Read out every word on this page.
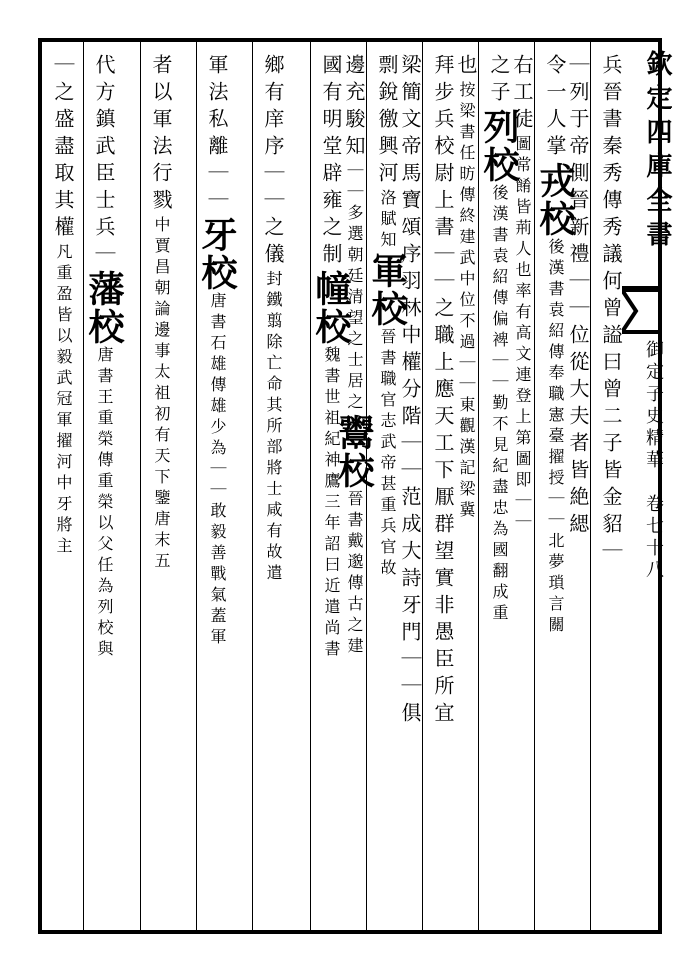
欽定四庫全書
御定子史精華　卷七十八
兵晉書秦秀傳秀議何曾謚曰曾二子皆金貂｜
｜列于帝側晉新禮｜｜位從大夫者皆絶緦
令一人掌戎校後漢書袁紹傳奉職憲臺擢授｜｜北夢瑣言關
右工徒圖常餚皆荊人也率有高文連登上第圖即｜｜
之子列校後漢書袁紹傳偏裨｜｜勤不見紀盡忠為國翻成重
也按梁書任昉傳終建武中位不過｜｜東觀漢記梁冀
拜步兵校尉上書｜｜之職上應天工下厭群望實非愚臣所宜
梁簡文帝馬寶頌序羽林中權分階｜｜范成大詩牙門｜｜俱
剽銳徼興河洛賦知軍校晉書職官志武帝甚重兵官故
邊充駿知｜｜多選朝廷清望之士居之鬻校晉書戴邈傳古之建
國有明堂辟雍之制幢校魏書世祖紀神鷹三年詔曰近遣尚書
鄉有庠序｜｜之儀封鐵翦除亡命其所部將士咸有故遣
軍法私離｜｜牙校唐書石雄傳雄少為｜｜敢毅善戰氣蓋軍
者以軍法行戮中賈昌朝論邊事太祖初有天下鑒唐末五
代方鎮武臣士兵｜藩校唐書王重榮傳重榮以父任為列校與
｜之盛盡取其權凡重盈皆以毅武冠軍擢河中牙將主
